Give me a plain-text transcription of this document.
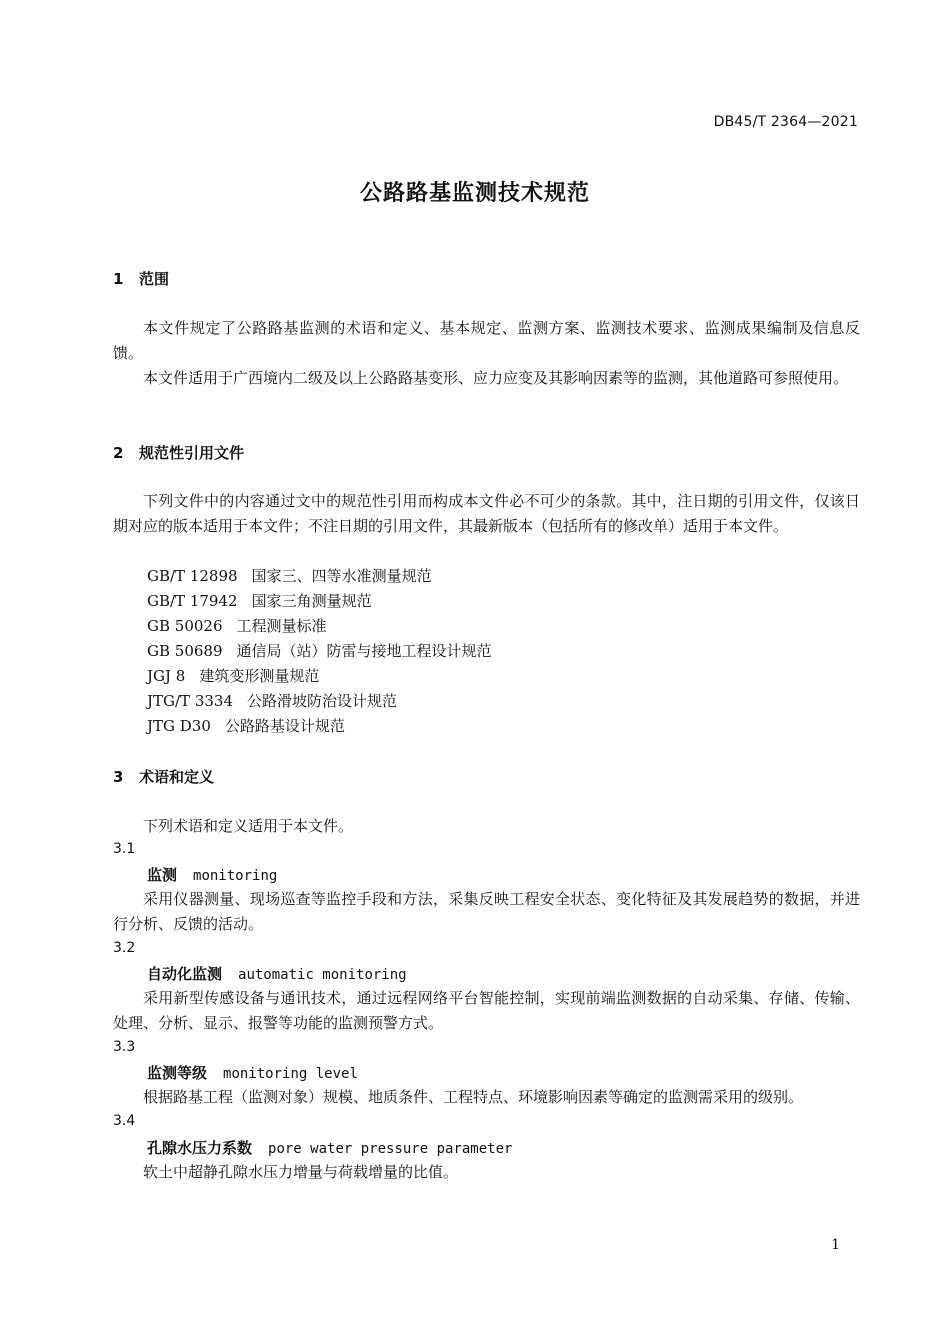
DB45/T 2364—2021
公路路基监测技术规范
1 范围
本文件规定了公路路基监测的术语和定义、基本规定、监测方案、监测技术要求、监测成果编制及信息反馈。
本文件适用于广西境内二级及以上公路路基变形、应力应变及其影响因素等的监测，其他道路可参照使用。
2 规范性引用文件
下列文件中的内容通过文中的规范性引用而构成本文件必不可少的条款。其中，注日期的引用文件，仅该日期对应的版本适用于本文件；不注日期的引用文件，其最新版本（包括所有的修改单）适用于本文件。
GB/T 12898 国家三、四等水准测量规范
GB/T 17942 国家三角测量规范
GB 50026 工程测量标准
GB 50689 通信局（站）防雷与接地工程设计规范
JGJ 8 建筑变形测量规范
JTG/T 3334 公路滑坡防治设计规范
JTG D30 公路路基设计规范
3 术语和定义
下列术语和定义适用于本文件。
3.1
监测 monitoring
采用仪器测量、现场巡查等监控手段和方法，采集反映工程安全状态、变化特征及其发展趋势的数据，并进行分析、反馈的活动。
3.2
自动化监测 automatic monitoring
采用新型传感设备与通讯技术，通过远程网络平台智能控制，实现前端监测数据的自动采集、存储、传输、处理、分析、显示、报警等功能的监测预警方式。
3.3
监测等级 monitoring level
根据路基工程（监测对象）规模、地质条件、工程特点、环境影响因素等确定的监测需采用的级别。
3.4
孔隙水压力系数 pore water pressure parameter
软土中超静孔隙水压力增量与荷载增量的比值。
1
